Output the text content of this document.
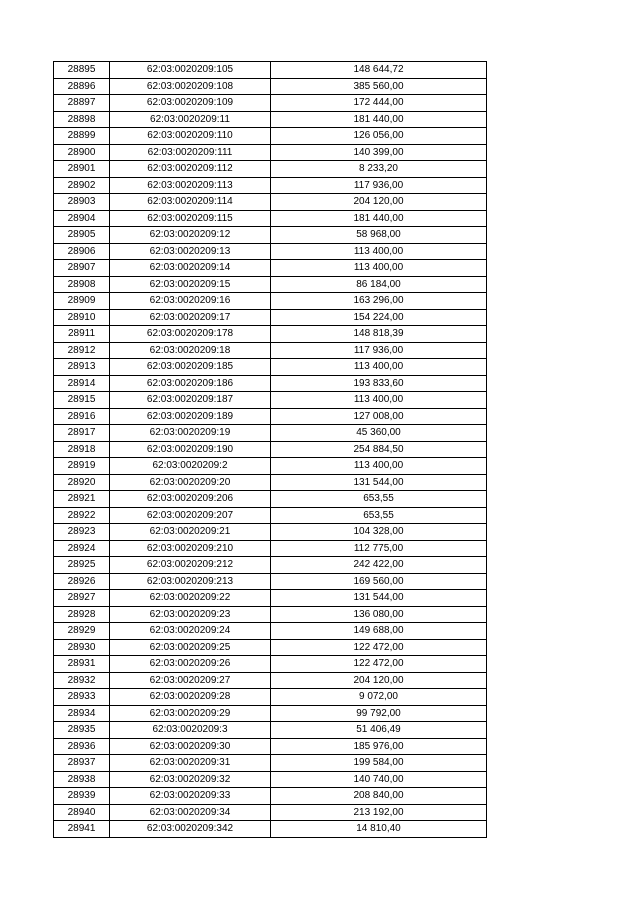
28895	62:03:0020209:105	148 644,72
28896	62:03:0020209:108	385 560,00
28897	62:03:0020209:109	172 444,00
28898	62:03:0020209:11	181 440,00
28899	62:03:0020209:110	126 056,00
28900	62:03:0020209:111	140 399,00
28901	62:03:0020209:112	8 233,20
28902	62:03:0020209:113	117 936,00
28903	62:03:0020209:114	204 120,00
28904	62:03:0020209:115	181 440,00
28905	62:03:0020209:12	58 968,00
28906	62:03:0020209:13	113 400,00
28907	62:03:0020209:14	113 400,00
28908	62:03:0020209:15	86 184,00
28909	62:03:0020209:16	163 296,00
28910	62:03:0020209:17	154 224,00
28911	62:03:0020209:178	148 818,39
28912	62:03:0020209:18	117 936,00
28913	62:03:0020209:185	113 400,00
28914	62:03:0020209:186	193 833,60
28915	62:03:0020209:187	113 400,00
28916	62:03:0020209:189	127 008,00
28917	62:03:0020209:19	45 360,00
28918	62:03:0020209:190	254 884,50
28919	62:03:0020209:2	113 400,00
28920	62:03:0020209:20	131 544,00
28921	62:03:0020209:206	653,55
28922	62:03:0020209:207	653,55
28923	62:03:0020209:21	104 328,00
28924	62:03:0020209:210	112 775,00
28925	62:03:0020209:212	242 422,00
28926	62:03:0020209:213	169 560,00
28927	62:03:0020209:22	131 544,00
28928	62:03:0020209:23	136 080,00
28929	62:03:0020209:24	149 688,00
28930	62:03:0020209:25	122 472,00
28931	62:03:0020209:26	122 472,00
28932	62:03:0020209:27	204 120,00
28933	62:03:0020209:28	9 072,00
28934	62:03:0020209:29	99 792,00
28935	62:03:0020209:3	51 406,49
28936	62:03:0020209:30	185 976,00
28937	62:03:0020209:31	199 584,00
28938	62:03:0020209:32	140 740,00
28939	62:03:0020209:33	208 840,00
28940	62:03:0020209:34	213 192,00
28941	62:03:0020209:342	14 810,40
